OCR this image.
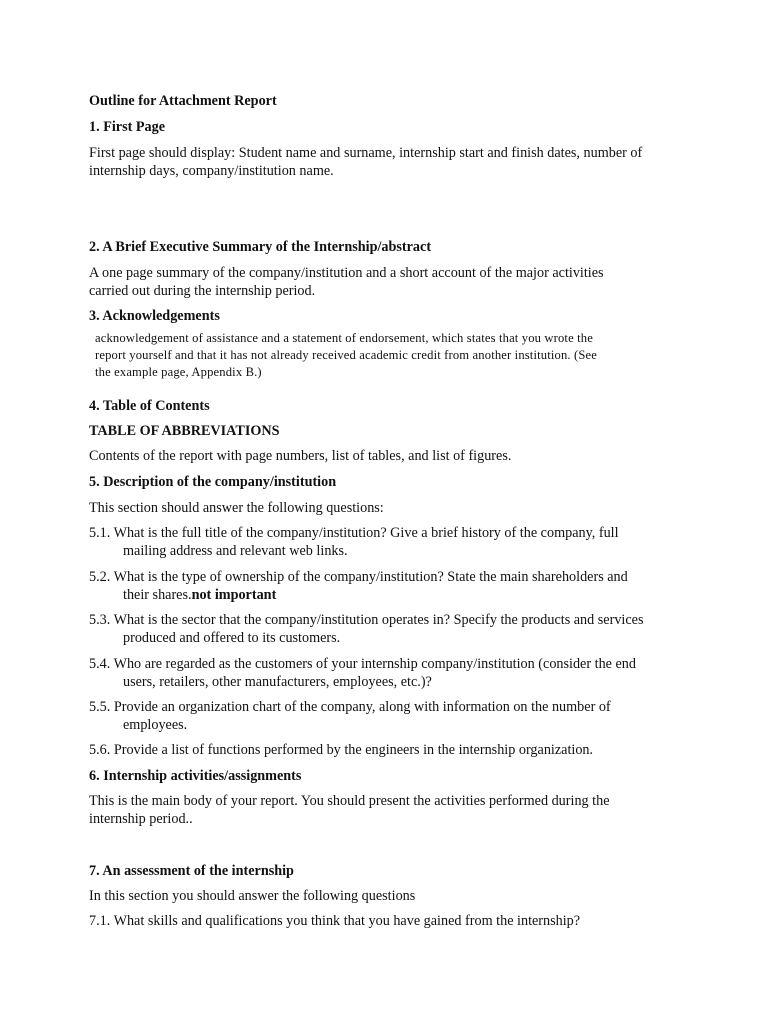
Outline for Attachment Report
1. First Page
First page should display: Student name and surname, internship start and finish dates, number of
internship days, company/institution name.
2. A Brief Executive Summary of the Internship/abstract
A one page summary of the company/institution and a short account of the major activities
carried out during the internship period.
3. Acknowledgements
acknowledgement of assistance and a statement of endorsement, which states that you wrote the
report yourself and that it has not already received academic credit from another institution. (See
the example page, Appendix B.)
4. Table of Contents
TABLE OF ABBREVIATIONS
Contents of the report with page numbers, list of tables, and list of figures.
5. Description of the company/institution
This section should answer the following questions:
5.1. What is the full title of the company/institution? Give a brief history of the company, full
mailing address and relevant web links.
5.2. What is the type of ownership of the company/institution? State the main shareholders and
their shares.not important
5.3. What is the sector that the company/institution operates in? Specify the products and services
produced and offered to its customers.
5.4. Who are regarded as the customers of your internship company/institution (consider the end
users, retailers, other manufacturers, employees, etc.)?
5.5. Provide an organization chart of the company, along with information on the number of
employees.
5.6. Provide a list of functions performed by the engineers in the internship organization.
6. Internship activities/assignments
This is the main body of your report. You should present the activities performed during the
internship period..
7. An assessment of the internship
In this section you should answer the following questions
7.1. What skills and qualifications you think that you have gained from the internship?
